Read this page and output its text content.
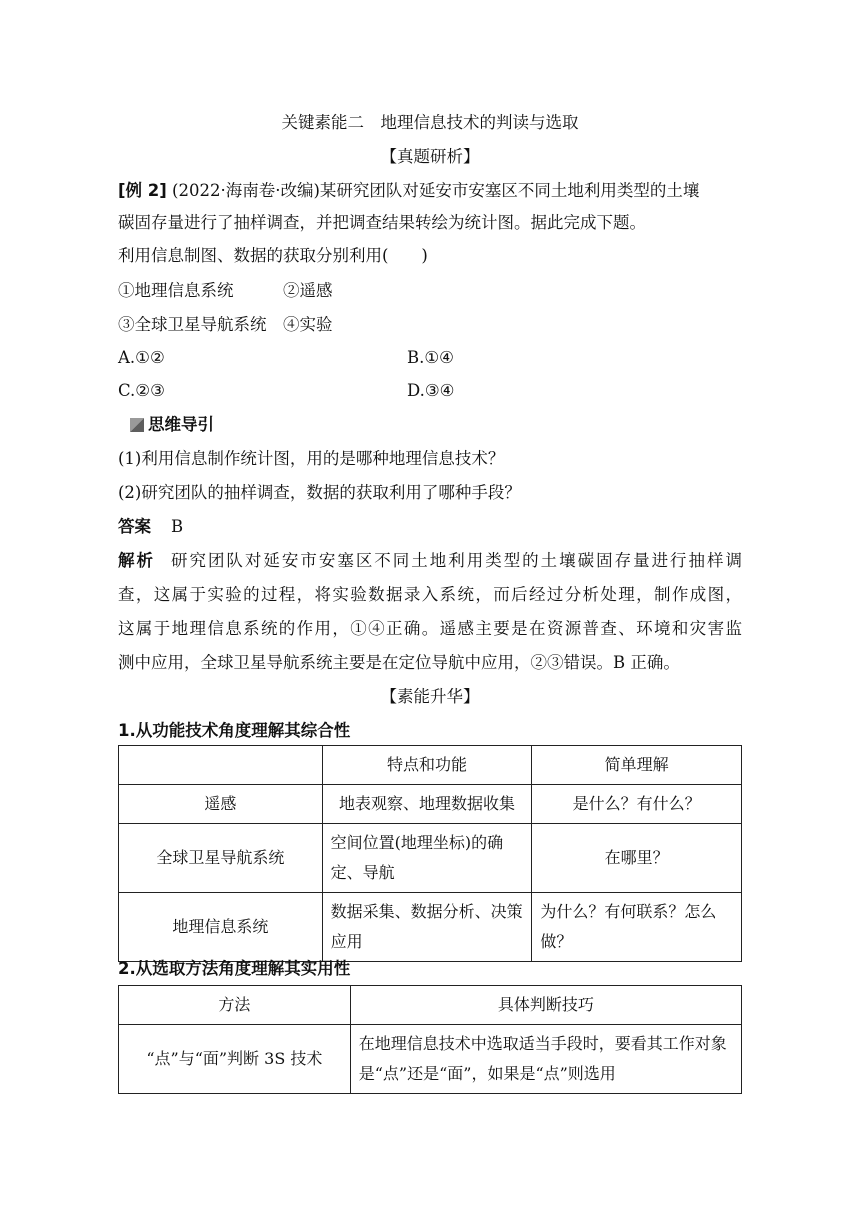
关键素能二　地理信息技术的判读与选取
【真题研析】
[例 2] (2022·海南卷·改编)某研究团队对延安市安塞区不同土地利用类型的土壤
碳固存量进行了抽样调查，并把调查结果转绘为统计图。据此完成下题。
利用信息制图、数据的获取分别利用(　　)
①地理信息系统　　　②遥感
③全球卫星导航系统　④实验
A.①②	B.①④
C.②③	D.③④
思维导引
(1)利用信息制作统计图，用的是哪种地理信息技术？
(2)研究团队的抽样调查，数据的获取利用了哪种手段？
答案 B
解析 研究团队对延安市安塞区不同土地利用类型的土壤碳固存量进行抽样调
查，这属于实验的过程，将实验数据录入系统，而后经过分析处理，制作成图，
这属于地理信息系统的作用，①④正确。遥感主要是在资源普查、环境和灾害监
测中应用，全球卫星导航系统主要是在定位导航中应用，②③错误。B 正确。
【素能升华】
1.从功能技术角度理解其综合性
	特点和功能	简单理解
遥感	地表观察、地理数据收集	是什么？有什么？
全球卫星导航系统	空间位置(地理坐标)的确定、导航	在哪里？
地理信息系统	数据采集、数据分析、决策应用	为什么？有何联系？怎么做？
2.从选取方法角度理解其实用性
方法	具体判断技巧
“点”与“面”判断 3S 技术	在地理信息技术中选取适当手段时，要看其工作对象是“点”还是“面”，如果是“点”则选用
